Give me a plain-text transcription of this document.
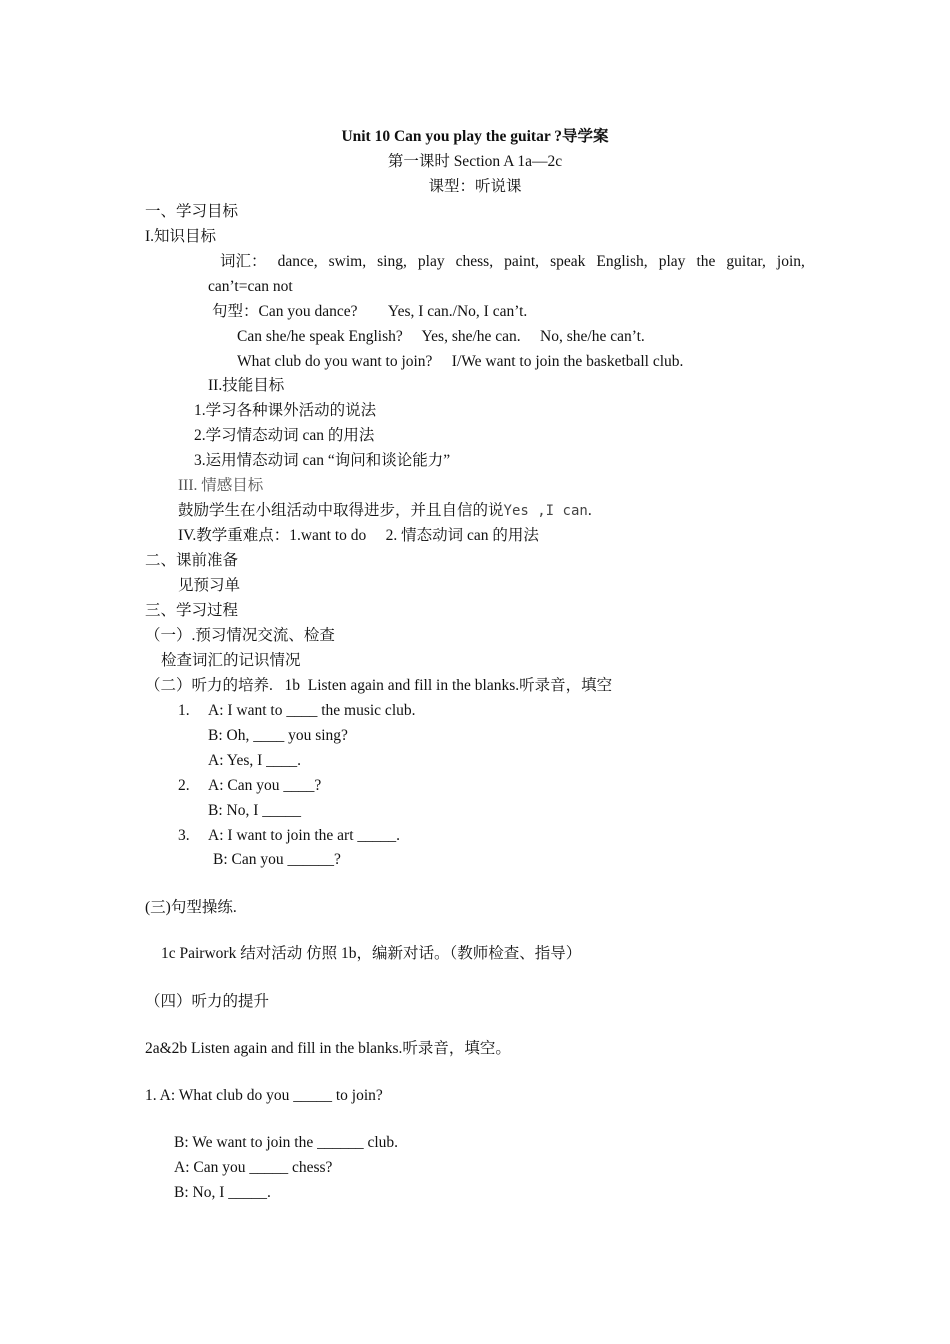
Unit 10 Can you play the guitar ?导学案
第一课时 Section A 1a—2c
课型：听说课
一、学习目标
I.知识目标
词汇： dance, swim, sing, play chess, paint, speak English, play the guitar, join,
can’t=can not
句型：Can you dance?        Yes, I can./No, I can’t.
Can she/he speak English?     Yes, she/he can.     No, she/he can’t.
What club do you want to join?     I/We want to join the basketball club.
II.技能目标
1.学习各种课外活动的说法
2.学习情态动词 can 的用法
3.运用情态动词 can “询问和谈论能力”
III. 情感目标
鼓励学生在小组活动中取得进步，并且自信的说Yes ,I can.
IV.教学重难点：1.want to do     2. 情态动词 can 的用法
二、课前准备
见预习单
三、学习过程
（一）.预习情况交流、检查
检查词汇的记识情况
（二）听力的培养.   1b  Listen again and fill in the blanks.听录音，填空
1. A: I want to ____ the music club.
B: Oh, ____ you sing?
A: Yes, I ____.
2. A: Can you ____?
B: No, I _____
3. A: I want to join the art _____.
B: Can you ______?
(三)句型操练.
1c Pairwork 结对活动 仿照 1b，编新对话。（教师检查、指导）
（四）听力的提升
2a&2b Listen again and fill in the blanks.听录音，填空。
1. A: What club do you _____ to join?
B: We want to join the ______ club.
A: Can you _____ chess?
B: No, I _____.
